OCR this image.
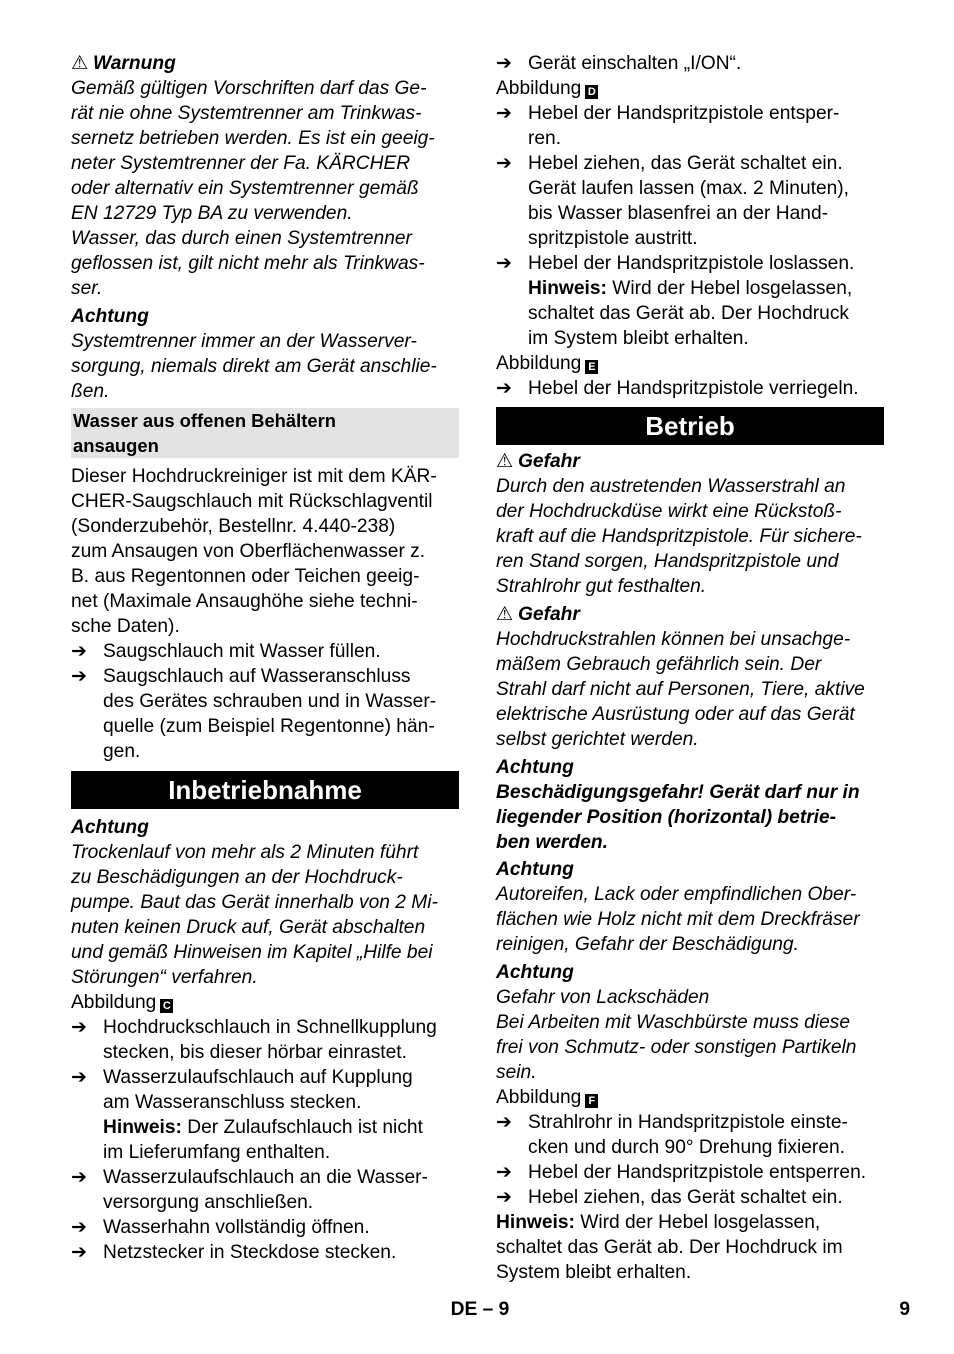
⚠ Warnung
Gemäß gültigen Vorschriften darf das Ge-
rät nie ohne Systemtrenner am Trinkwas-
sernetz betrieben werden. Es ist ein geeig-
neter Systemtrenner der Fa. KÄRCHER
oder alternativ ein Systemtrenner gemäß
EN 12729 Typ BA zu verwenden.
Wasser, das durch einen Systemtrenner
geflossen ist, gilt nicht mehr als Trinkwas-
ser.
Achtung
Systemtrenner immer an der Wasserver-
sorgung, niemals direkt am Gerät anschlie-
ßen.
Wasser aus offenen Behältern
ansaugen
Dieser Hochdruckreiniger ist mit dem KÄR-
CHER-Saugschlauch mit Rückschlagventil
(Sonderzubehör, Bestellnr. 4.440-238)
zum Ansaugen von Oberflächenwasser z.
B. aus Regentonnen oder Teichen geeig-
net (Maximale Ansaughöhe siehe techni-
sche Daten).
➔ Saugschlauch mit Wasser füllen.
➔ Saugschlauch auf Wasseranschluss
des Gerätes schrauben und in Wasser-
quelle (zum Beispiel Regentonne) hän-
gen.
Inbetriebnahme
Achtung
Trockenlauf von mehr als 2 Minuten führt
zu Beschädigungen an der Hochdruck-
pumpe. Baut das Gerät innerhalb von 2 Mi-
nuten keinen Druck auf, Gerät abschalten
und gemäß Hinweisen im Kapitel „Hilfe bei
Störungen“ verfahren.
Abbildung C
➔ Hochdruckschlauch in Schnellkupplung
stecken, bis dieser hörbar einrastet.
➔ Wasserzulaufschlauch auf Kupplung
am Wasseranschluss stecken.
Hinweis: Der Zulaufschlauch ist nicht
im Lieferumfang enthalten.
➔ Wasserzulaufschlauch an die Wasser-
versorgung anschließen.
➔ Wasserhahn vollständig öffnen.
➔ Netzstecker in Steckdose stecken.
➔ Gerät einschalten „I/ON“.
Abbildung D
➔ Hebel der Handspritzpistole entsper-
ren.
➔ Hebel ziehen, das Gerät schaltet ein.
Gerät laufen lassen (max. 2 Minuten),
bis Wasser blasenfrei an der Hand-
spritzpistole austritt.
➔ Hebel der Handspritzpistole loslassen.
Hinweis: Wird der Hebel losgelassen,
schaltet das Gerät ab. Der Hochdruck
im System bleibt erhalten.
Abbildung E
➔ Hebel der Handspritzpistole verriegeln.
Betrieb
⚠ Gefahr
Durch den austretenden Wasserstrahl an
der Hochdruckdüse wirkt eine Rückstoß-
kraft auf die Handspritzpistole. Für sichere-
ren Stand sorgen, Handspritzpistole und
Strahlrohr gut festhalten.
⚠ Gefahr
Hochdruckstrahlen können bei unsachge-
mäßem Gebrauch gefährlich sein. Der
Strahl darf nicht auf Personen, Tiere, aktive
elektrische Ausrüstung oder auf das Gerät
selbst gerichtet werden.
Achtung
Beschädigungsgefahr! Gerät darf nur in
liegender Position (horizontal) betrie-
ben werden.
Achtung
Autoreifen, Lack oder empfindlichen Ober-
flächen wie Holz nicht mit dem Dreckfräser
reinigen, Gefahr der Beschädigung.
Achtung
Gefahr von Lackschäden
Bei Arbeiten mit Waschbürste muss diese
frei von Schmutz- oder sonstigen Partikeln
sein.
Abbildung F
➔ Strahlrohr in Handspritzpistole einste-
cken und durch 90° Drehung fixieren.
➔ Hebel der Handspritzpistole entsperren.
➔ Hebel ziehen, das Gerät schaltet ein.
Hinweis: Wird der Hebel losgelassen,
schaltet das Gerät ab. Der Hochdruck im
System bleibt erhalten.
DE – 9	9
